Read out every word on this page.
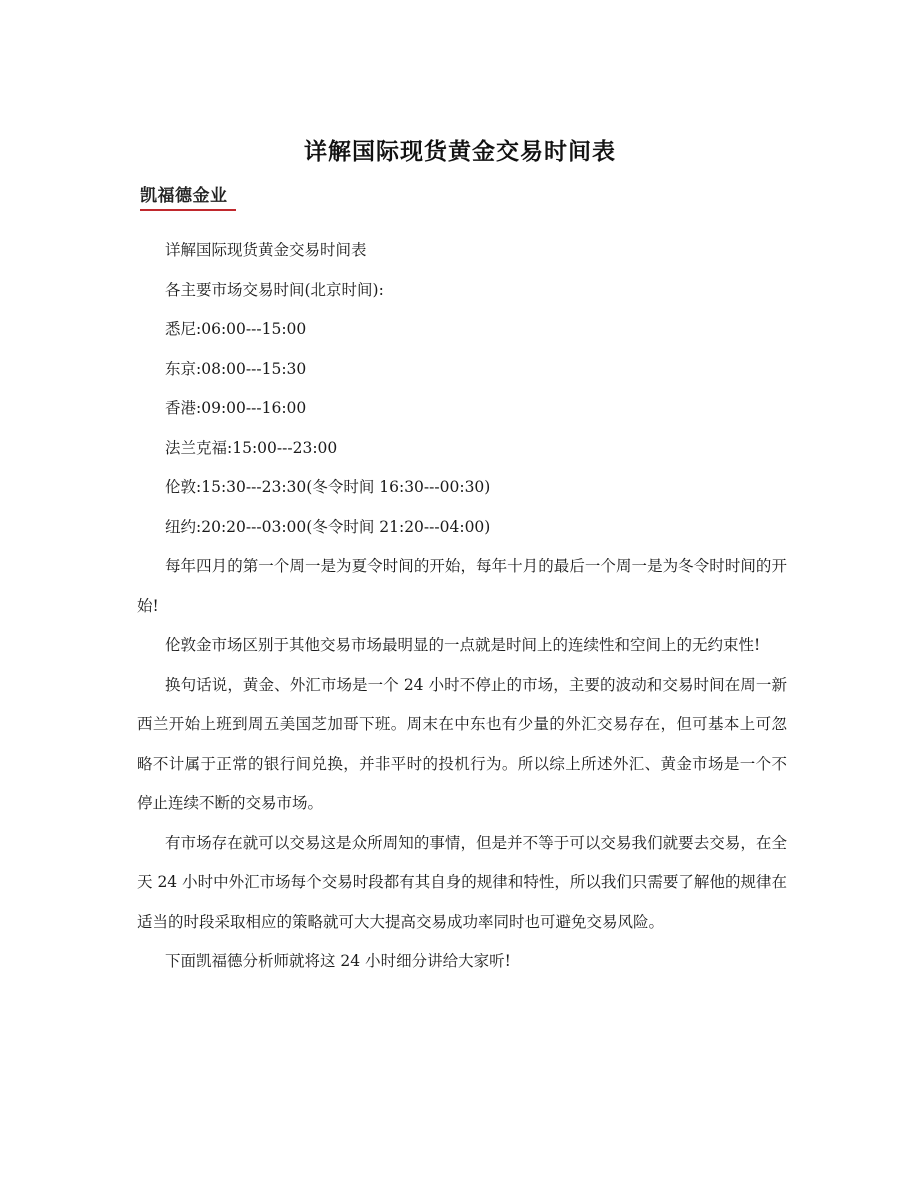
详解国际现货黄金交易时间表
凯福德金业

详解国际现货黄金交易时间表

各主要市场交易时间(北京时间):

悉尼:06:00---15:00

东京:08:00---15:30

香港:09:00---16:00

法兰克福:15:00---23:00

伦敦:15:30---23:30(冬令时间 16:30---00:30)

纽约:20:20---03:00(冬令时间 21:20---04:00)

每年四月的第一个周一是为夏令时间的开始，每年十月的最后一个周一是为冬令时时间的开始!

伦敦金市场区别于其他交易市场最明显的一点就是时间上的连续性和空间上的无约束性!

换句话说，黄金、外汇市场是一个 24 小时不停止的市场，主要的波动和交易时间在周一新西兰开始上班到周五美国芝加哥下班。周末在中东也有少量的外汇交易存在，但可基本上可忽略不计属于正常的银行间兑换，并非平时的投机行为。所以综上所述外汇、黄金市场是一个不停止连续不断的交易市场。

有市场存在就可以交易这是众所周知的事情，但是并不等于可以交易我们就要去交易，在全天 24 小时中外汇市场每个交易时段都有其自身的规律和特性，所以我们只需要了解他的规律在适当的时段采取相应的策略就可大大提高交易成功率同时也可避免交易风险。

下面凯福德分析师就将这 24 小时细分讲给大家听!
